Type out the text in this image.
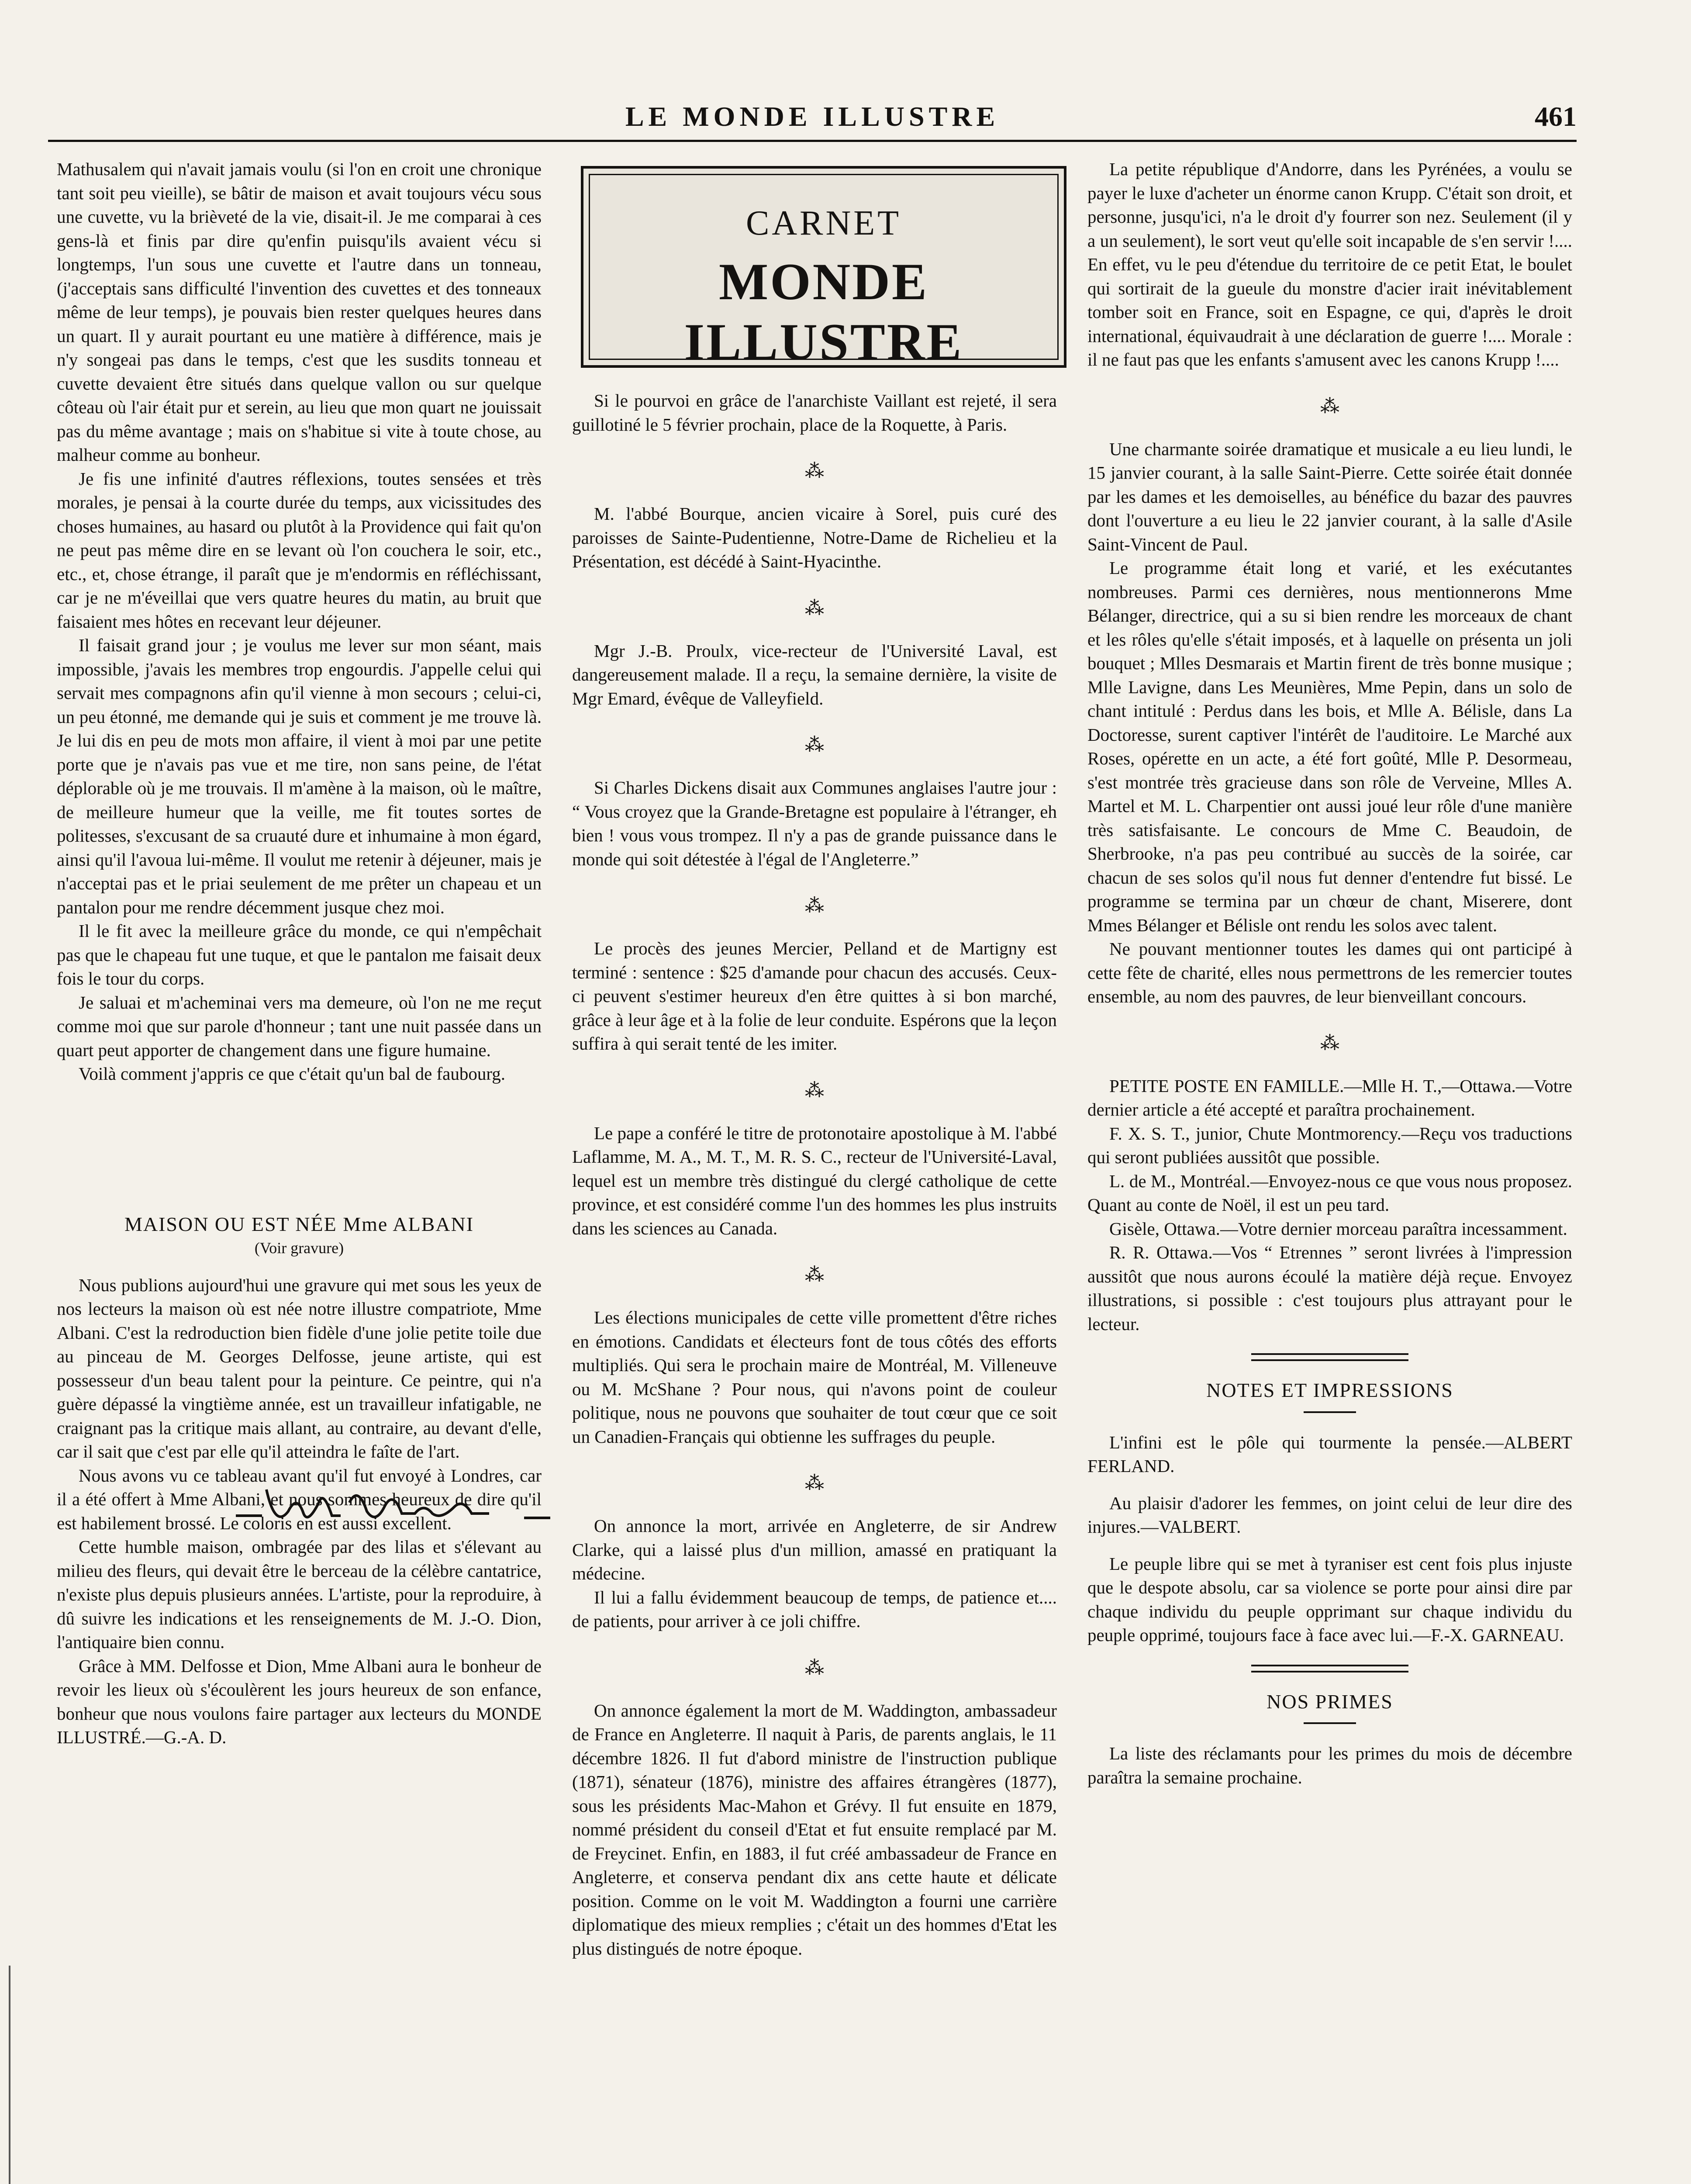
LE MONDE ILLUSTRE	461

Mathusalem qui n'avait jamais voulu (si l'on en croit une chronique tant soit peu vieille), se bâtir de maison et avait toujours vécu sous une cuvette, vu la brièveté de la vie, disait-il. Je me comparai à ces gens-là et finis par dire qu'enfin puisqu'ils avaient vécu si longtemps, l'un sous une cuvette et l'autre dans un tonneau, (j'acceptais sans difficulté l'invention des cuvettes et des tonneaux même de leur temps), je pouvais bien rester quelques heures dans un quart. Il y aurait pourtant eu une matière à différence, mais je n'y songeai pas dans le temps, c'est que les susdits tonneau et cuvette devaient être situés dans quelque vallon ou sur quelque côteau où l'air était pur et serein, au lieu que mon quart ne jouissait pas du même avantage ; mais on s'habitue si vite à toute chose, au malheur comme au bonheur.

Je fis une infinité d'autres réflexions, toutes sensées et très morales, je pensai à la courte durée du temps, aux vicissitudes des choses humaines, au hasard ou plutôt à la Providence qui fait qu'on ne peut pas même dire en se levant où l'on couchera le soir, etc., etc., et, chose étrange, il paraît que je m'endormis en réfléchissant, car je ne m'éveillai que vers quatre heures du matin, au bruit que faisaient mes hôtes en recevant leur déjeuner.

Il faisait grand jour ; je voulus me lever sur mon séant, mais impossible, j'avais les membres trop engourdis. J'appelle celui qui servait mes compagnons afin qu'il vienne à mon secours ; celui-ci, un peu étonné, me demande qui je suis et comment je me trouve là. Je lui dis en peu de mots mon affaire, il vient à moi par une petite porte que je n'avais pas vue et me tire, non sans peine, de l'état déplorable où je me trouvais. Il m'amène à la maison, où le maître, de meilleure humeur que la veille, me fit toutes sortes de politesses, s'excusant de sa cruauté dure et inhumaine à mon égard, ainsi qu'il l'avoua lui-même. Il voulut me retenir à déjeuner, mais je n'acceptai pas et le priai seulement de me prêter un chapeau et un pantalon pour me rendre décemment jusque chez moi.

Il le fit avec la meilleure grâce du monde, ce qui n'empêchait pas que le chapeau fut une tuque, et que le pantalon me faisait deux fois le tour du corps.

Je saluai et m'acheminai vers ma demeure, où l'on ne me reçut comme moi que sur parole d'honneur ; tant une nuit passée dans un quart peut apporter de changement dans une figure humaine.

Voilà comment j'appris ce que c'était qu'un bal de faubourg.

MAISON OU EST NÉE Mme ALBANI
(Voir gravure)

Nous publions aujourd'hui une gravure qui met sous les yeux de nos lecteurs la maison où est née notre illustre compatriote, Mme Albani. C'est la redroduction bien fidèle d'une jolie petite toile due au pinceau de M. Georges Delfosse, jeune artiste, qui est possesseur d'un beau talent pour la peinture. Ce peintre, qui n'a guère dépassé la vingtième année, est un travailleur infatigable, ne craignant pas la critique mais allant, au contraire, au devant d'elle, car il sait que c'est par elle qu'il atteindra le faîte de l'art.

Nous avons vu ce tableau avant qu'il fut envoyé à Londres, car il a été offert à Mme Albani, et nous sommes heureux de dire qu'il est habilement brossé. Le coloris en est aussi excellent.

Cette humble maison, ombragée par des lilas et s'élevant au milieu des fleurs, qui devait être le berceau de la célèbre cantatrice, n'existe plus depuis plusieurs années. L'artiste, pour la reproduire, à dû suivre les indications et les renseignements de M. J.-O. Dion, l'antiquaire bien connu.

Grâce à MM. Delfosse et Dion, Mme Albani aura le bonheur de revoir les lieux où s'écoulèrent les jours heureux de son enfance, bonheur que nous voulons faire partager aux lecteurs du MONDE ILLUSTRÉ.—G.-A. D.

CARNET
MONDE ILLUSTRE

Si le pourvoi en grâce de l'anarchiste Vaillant est rejeté, il sera guillotiné le 5 février prochain, place de la Roquette, à Paris.

⁂

M. l'abbé Bourque, ancien vicaire à Sorel, puis curé des paroisses de Sainte-Pudentienne, Notre-Dame de Richelieu et la Présentation, est décédé à Saint-Hyacinthe.

⁂

Mgr J.-B. Proulx, vice-recteur de l'Université Laval, est dangereusement malade. Il a reçu, la semaine dernière, la visite de Mgr Emard, évêque de Valleyfield.

⁂

Si Charles Dickens disait aux Communes anglaises l'autre jour : “ Vous croyez que la Grande-Bretagne est populaire à l'étranger, eh bien ! vous vous trompez. Il n'y a pas de grande puissance dans le monde qui soit détestée à l'égal de l'Angleterre.”

⁂

Le procès des jeunes Mercier, Pelland et de Martigny est terminé : sentence : $25 d'amande pour chacun des accusés. Ceux-ci peuvent s'estimer heureux d'en être quittes à si bon marché, grâce à leur âge et à la folie de leur conduite. Espérons que la leçon suffira à qui serait tenté de les imiter.

⁂

Le pape a conféré le titre de protonotaire apostolique à M. l'abbé Laflamme, M. A., M. T., M. R. S. C., recteur de l'Université-Laval, lequel est un membre très distingué du clergé catholique de cette province, et est considéré comme l'un des hommes les plus instruits dans les sciences au Canada.

⁂

Les élections municipales de cette ville promettent d'être riches en émotions. Candidats et électeurs font de tous côtés des efforts multipliés. Qui sera le prochain maire de Montréal, M. Villeneuve ou M. McShane ? Pour nous, qui n'avons point de couleur politique, nous ne pouvons que souhaiter de tout cœur que ce soit un Canadien-Français qui obtienne les suffrages du peuple.

⁂

On annonce la mort, arrivée en Angleterre, de sir Andrew Clarke, qui a laissé plus d'un million, amassé en pratiquant la médecine.

Il lui a fallu évidemment beaucoup de temps, de patience et.... de patients, pour arriver à ce joli chiffre.

⁂

On annonce également la mort de M. Waddington, ambassadeur de France en Angleterre. Il naquit à Paris, de parents anglais, le 11 décembre 1826. Il fut d'abord ministre de l'instruction publique (1871), sénateur (1876), ministre des affaires étrangères (1877), sous les présidents Mac-Mahon et Grévy. Il fut ensuite en 1879, nommé président du conseil d'Etat et fut ensuite remplacé par M. de Freycinet. Enfin, en 1883, il fut créé ambassadeur de France en Angleterre, et conserva pendant dix ans cette haute et délicate position. Comme on le voit M. Waddington a fourni une carrière diplomatique des mieux remplies ; c'était un des hommes d'Etat les plus distingués de notre époque.

La petite république d'Andorre, dans les Pyrénées, a voulu se payer le luxe d'acheter un énorme canon Krupp. C'était son droit, et personne, jusqu'ici, n'a le droit d'y fourrer son nez. Seulement (il y a un seulement), le sort veut qu'elle soit incapable de s'en servir !.... En effet, vu le peu d'étendue du territoire de ce petit Etat, le boulet qui sortirait de la gueule du monstre d'acier irait inévitablement tomber soit en France, soit en Espagne, ce qui, d'après le droit international, équivaudrait à une déclaration de guerre !.... Morale : il ne faut pas que les enfants s'amusent avec les canons Krupp !....

⁂

Une charmante soirée dramatique et musicale a eu lieu lundi, le 15 janvier courant, à la salle Saint-Pierre. Cette soirée était donnée par les dames et les demoiselles, au bénéfice du bazar des pauvres dont l'ouverture a eu lieu le 22 janvier courant, à la salle d'Asile Saint-Vincent de Paul.

Le programme était long et varié, et les exécutantes nombreuses. Parmi ces dernières, nous mentionnerons Mme Bélanger, directrice, qui a su si bien rendre les morceaux de chant et les rôles qu'elle s'était imposés, et à laquelle on présenta un joli bouquet ; Mlles Desmarais et Martin firent de très bonne musique ; Mlle Lavigne, dans Les Meunières, Mme Pepin, dans un solo de chant intitulé : Perdus dans les bois, et Mlle A. Bélisle, dans La Doctoresse, surent captiver l'intérêt de l'auditoire. Le Marché aux Roses, opérette en un acte, a été fort goûté, Mlle P. Desormeau, s'est montrée très gracieuse dans son rôle de Verveine, Mlles A. Martel et M. L. Charpentier ont aussi joué leur rôle d'une manière très satisfaisante. Le concours de Mme C. Beaudoin, de Sherbrooke, n'a pas peu contribué au succès de la soirée, car chacun de ses solos qu'il nous fut denner d'entendre fut bissé. Le programme se termina par un chœur de chant, Miserere, dont Mmes Bélanger et Bélisle ont rendu les solos avec talent.

Ne pouvant mentionner toutes les dames qui ont participé à cette fête de charité, elles nous permettrons de les remercier toutes ensemble, au nom des pauvres, de leur bienveillant concours.

⁂

PETITE POSTE EN FAMILLE.—Mlle H. T.,—Ottawa.—Votre dernier article a été accepté et paraîtra prochainement.

F. X. S. T., junior, Chute Montmorency.—Reçu vos traductions qui seront publiées aussitôt que possible.

L. de M., Montréal.—Envoyez-nous ce que vous nous proposez. Quant au conte de Noël, il est un peu tard.

Gisèle, Ottawa.—Votre dernier morceau paraîtra incessamment.

R. R. Ottawa.—Vos “ Etrennes ” seront livrées à l'impression aussitôt que nous aurons écoulé la matière déjà reçue. Envoyez illustrations, si possible : c'est toujours plus attrayant pour le lecteur.

NOTES ET IMPRESSIONS

L'infini est le pôle qui tourmente la pensée.—ALBERT FERLAND.

Au plaisir d'adorer les femmes, on joint celui de leur dire des injures.—VALBERT.

Le peuple libre qui se met à tyraniser est cent fois plus injuste que le despote absolu, car sa violence se porte pour ainsi dire par chaque individu du peuple opprimant sur chaque individu du peuple opprimé, toujours face à face avec lui.—F.-X. GARNEAU.

NOS PRIMES

La liste des réclamants pour les primes du mois de décembre paraîtra la semaine prochaine.
